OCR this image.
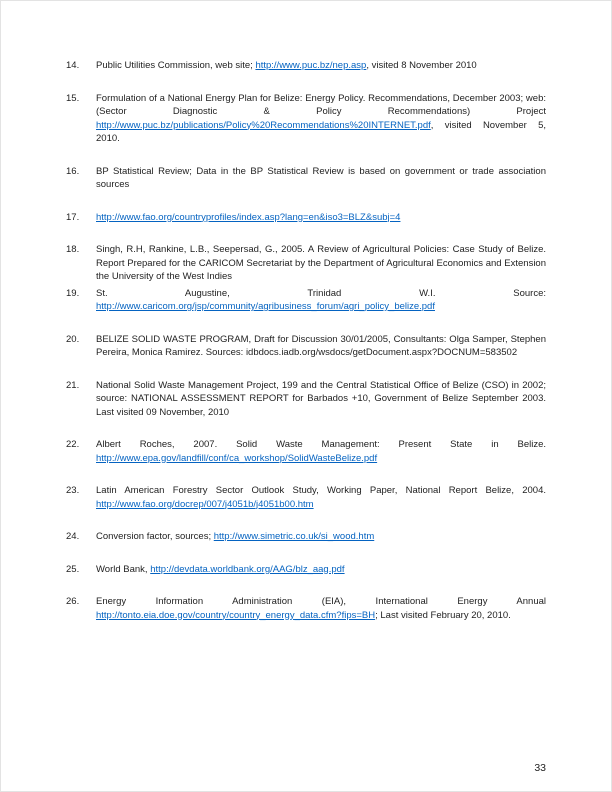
14.	Public Utilities Commission, web site; http://www.puc.bz/nep.asp, visited 8 November 2010
15.	Formulation of a National Energy Plan for Belize: Energy Policy. Recommendations, December 2003; web: (Sector Diagnostic & Policy Recommendations) Project http://www.puc.bz/publications/Policy%20Recommendations%20INTERNET.pdf, visited November 5, 2010.
16.	BP Statistical Review; Data in the BP Statistical Review is based on government or trade association sources
17.	http://www.fao.org/countryprofiles/index.asp?lang=en&iso3=BLZ&subj=4
18.	Singh, R.H, Rankine, L.B., Seepersad, G., 2005. A Review of Agricultural Policies: Case Study of Belize. Report Prepared for the CARICOM Secretariat by the Department of Agricultural Economics and Extension the University of the West Indies
19.	St. Augustine, Trinidad W.I. Source: http://www.caricom.org/jsp/community/agribusiness_forum/agri_policy_belize.pdf
20.	BELIZE SOLID WASTE PROGRAM, Draft for Discussion 30/01/2005, Consultants: Olga Samper, Stephen Pereira, Monica Ramirez. Sources: idbdocs.iadb.org/wsdocs/getDocument.aspx?DOCNUM=583502
21.	National Solid Waste Management Project, 199 and the Central Statistical Office of Belize (CSO) in 2002; source: NATIONAL ASSESSMENT REPORT for Barbados +10, Government of Belize September 2003. Last visited 09 November, 2010
22.	Albert Roches, 2007. Solid Waste Management: Present State in Belize. http://www.epa.gov/landfill/conf/ca_workshop/SolidWasteBelize.pdf
23.	Latin American Forestry Sector Outlook Study, Working Paper, National Report Belize, 2004. http://www.fao.org/docrep/007/j4051b/j4051b00.htm
24.	Conversion factor, sources; http://www.simetric.co.uk/si_wood.htm
25.	World Bank, http://devdata.worldbank.org/AAG/blz_aag.pdf
26.	Energy Information Administration (EIA), International Energy Annual http://tonto.eia.doe.gov/country/country_energy_data.cfm?fips=BH; Last visited February 20, 2010.
33
